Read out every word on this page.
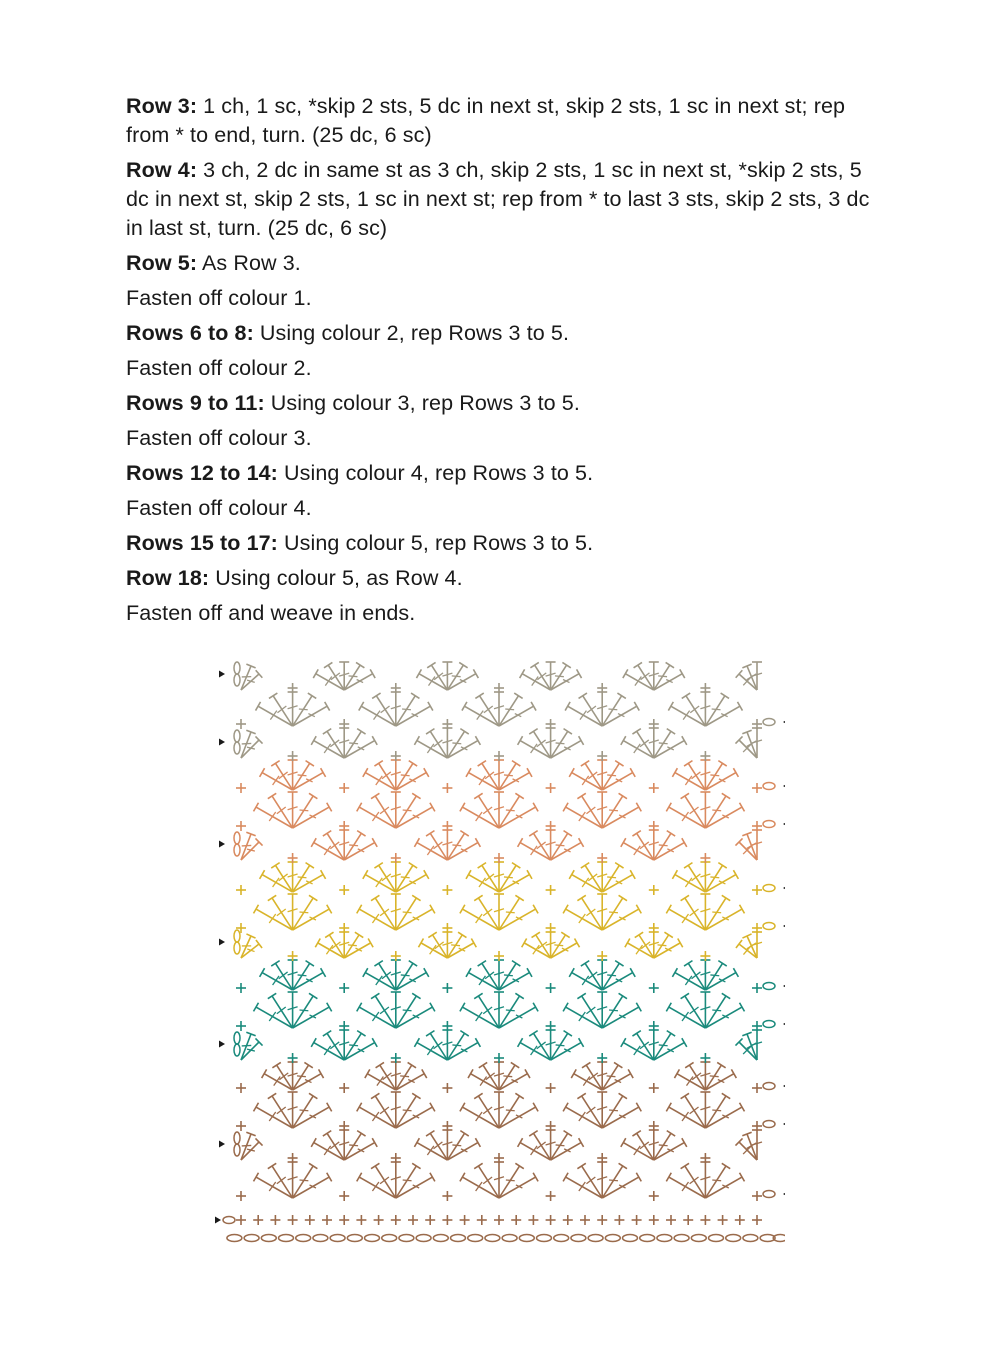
Row 3: 1 ch, 1 sc, *skip 2 sts, 5 dc in next st, skip 2 sts, 1 sc in next st; rep from * to end, turn. (25 dc, 6 sc)

Row 4: 3 ch, 2 dc in same st as 3 ch, skip 2 sts, 1 sc in next st, *skip 2 sts, 5 dc in next st, skip 2 sts, 1 sc in next st; rep from * to last 3 sts, skip 2 sts, 3 dc in last st, turn. (25 dc, 6 sc)

Row 5: As Row 3.

Fasten off colour 1.

Rows 6 to 8: Using colour 2, rep Rows 3 to 5.

Fasten off colour 2.

Rows 9 to 11: Using colour 3, rep Rows 3 to 5.

Fasten off colour 3.

Rows 12 to 14: Using colour 4, rep Rows 3 to 5.

Fasten off colour 4.

Rows 15 to 17: Using colour 5, rep Rows 3 to 5.

Row 18: Using colour 5, as Row 4.

Fasten off and weave in ends.
